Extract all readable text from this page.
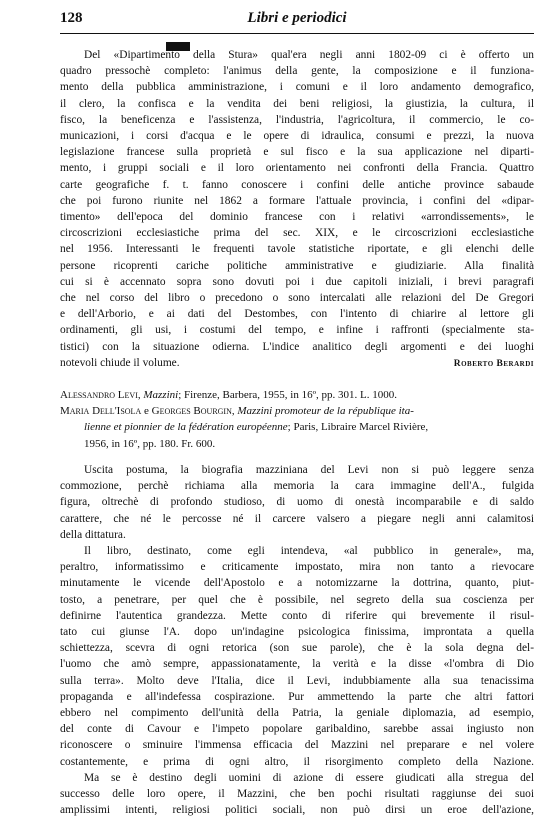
128	Libri e periodici
Del «Dipartimento della Stura» qual'era negli anni 1802-09 ci è offerto un
quadro pressochè completo: l'animus della gente, la composizione e il funziona-
mento della pubblica amministrazione, i comuni e il loro andamento demografico,
il clero, la confisca e la vendita dei beni religiosi, la giustizia, la cultura, il
fisco, la beneficenza e l'assistenza, l'industria, l'agricoltura, il commercio, le co-
municazioni, i corsi d'acqua e le opere di idraulica, consumi e prezzi, la nuova
legislazione francese sulla proprietà e sul fisco e la sua applicazione nel diparti-
mento, i gruppi sociali e il loro orientamento nei confronti della Francia. Quattro
carte geografiche f. t. fanno conoscere i confini delle antiche province sabaude
che poi furono riunite nel 1862 a formare l'attuale provincia, i confini del «dipar-
timento» dell'epoca del dominio francese con i relativi «arrondissements», le
circoscrizioni ecclesiastiche prima del sec. XIX, e le circoscrizioni ecclesiastiche
nel 1956. Interessanti le frequenti tavole statistiche riportate, e gli elenchi delle
persone ricoprenti cariche politiche amministrative e giudiziarie. Alla finalità
cui si è accennato sopra sono dovuti poi i due capitoli iniziali, i brevi paragrafi
che nel corso del libro o precedono o sono intercalati alle relazioni del De Gregori
e dell'Arborio, e ai dati del Destombes, con l'intento di chiarire al lettore gli
ordinamenti, gli usi, i costumi del tempo, e infine i raffronti (specialmente sta-
tistici) con la situazione odierna. L'indice analitico degli argomenti e dei luoghi
notevoli chiude il volume.	Roberto Berardi
Alessandro Levi, Mazzini; Firenze, Barbera, 1955, in 16º, pp. 301. L. 1000.
Maria Dell'Isola e Georges Bourgin, Mazzini promoteur de la république ita-
lienne et pionnier de la fédération européenne; Paris, Libraire Marcel Rivière,
1956, in 16º, pp. 180. Fr. 600.
Uscita postuma, la biografia mazziniana del Levi non si può leggere senza
commozione, perchè richiama alla memoria la cara immagine dell'A., fulgida
figura, oltrechè di profondo studioso, di uomo di onestà incomparabile e di saldo
carattere, che né le percosse né il carcere valsero a piegare negli anni calamitosi
della dittatura.
Il libro, destinato, come egli intendeva, «al pubblico in generale», ma,
peraltro, informatissimo e criticamente impostato, mira non tanto a rievocare
minutamente le vicende dell'Apostolo e a notomizzarne la dottrina, quanto, piut-
tosto, a penetrare, per quel che è possibile, nel segreto della sua coscienza per
definirne l'autentica grandezza. Mette conto di riferire qui brevemente il risul-
tato cui giunse l'A. dopo un'indagine psicologica finissima, improntata a quella
schiettezza, scevra di ogni retorica (son sue parole), che è la sola degna del-
l'uomo che amò sempre, appassionatamente, la verità e la disse «l'ombra di Dio
sulla terra». Molto deve l'Italia, dice il Levi, indubbiamente alla sua tenacissima
propaganda e all'indefessa cospirazione. Pur ammettendo la parte che altri fattori
ebbero nel compimento dell'unità della Patria, la geniale diplomazia, ad esempio,
del conte di Cavour e l'impeto popolare garibaldino, sarebbe assai ingiusto non
riconoscere o sminuire l'immensa efficacia del Mazzini nel preparare e nel volere
costantemente, e prima di ogni altro, il risorgimento completo della Nazione.
Ma se è destino degli uomini di azione di essere giudicati alla stregua del
successo delle loro opere, il Mazzini, che ben pochi risultati raggiunse dei suoi
amplissimi intenti, religiosi politici sociali, non può dirsi un eroe dell'azione,
